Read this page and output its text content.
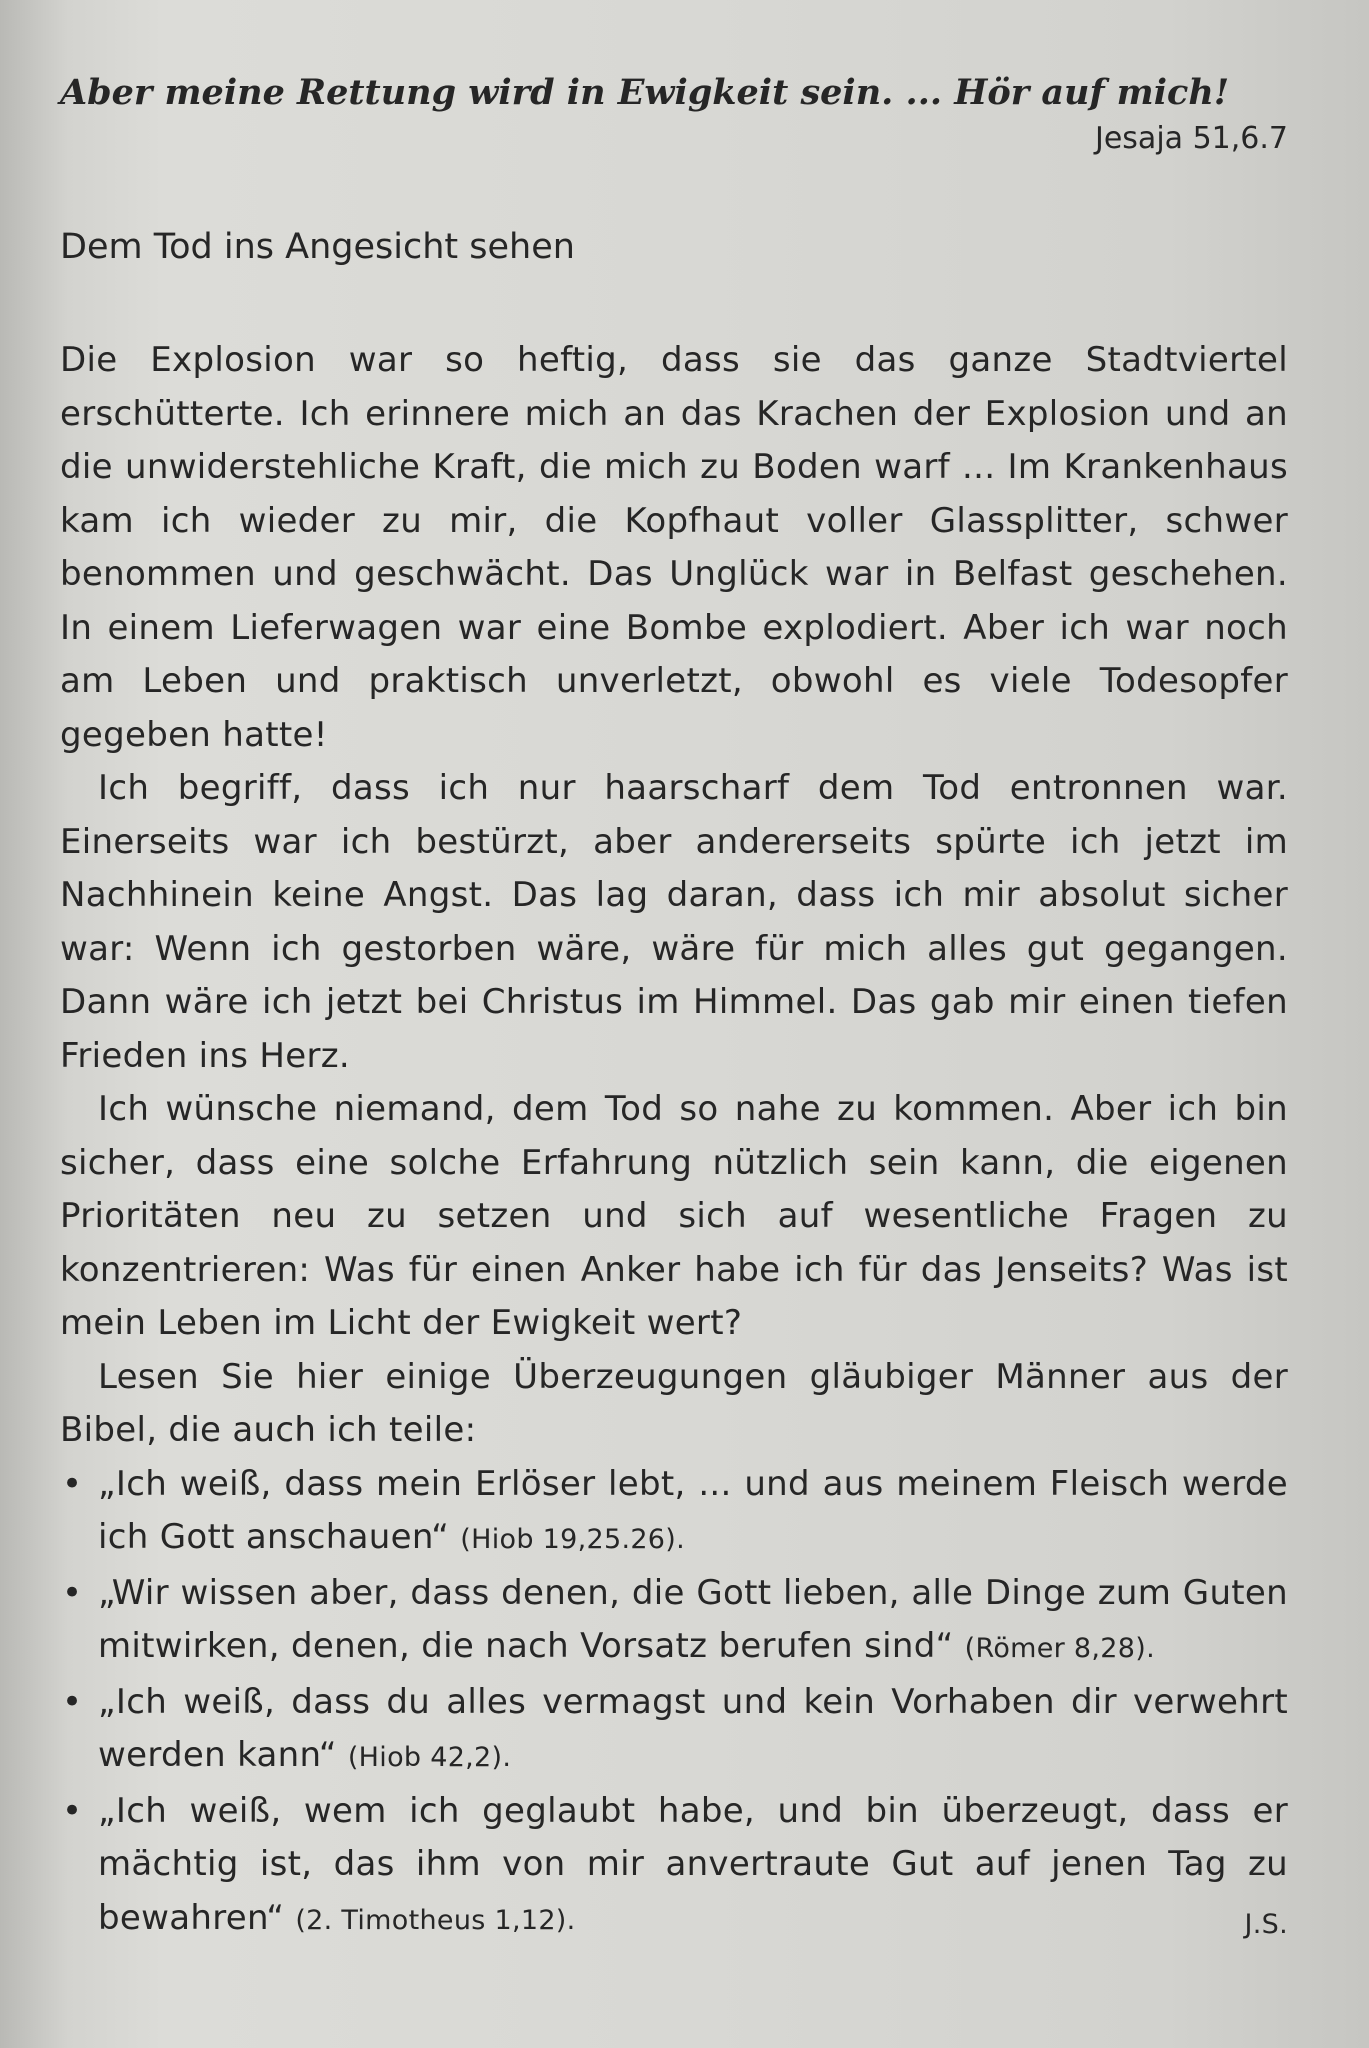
Aber meine Rettung wird in Ewigkeit sein. ... Hör auf mich!

Jesaja 51,6.7

Dem Tod ins Angesicht sehen

Die Explosion war so heftig, dass sie das ganze Stadtviertel erschütterte. Ich erinnere mich an das Krachen der Explosion und an die unwiderstehliche Kraft, die mich zu Boden warf ... Im Krankenhaus kam ich wieder zu mir, die Kopfhaut voller Glassplitter, schwer benommen und geschwächt. Das Unglück war in Belfast geschehen. In einem Lieferwagen war eine Bombe explodiert. Aber ich war noch am Leben und praktisch unverletzt, obwohl es viele Todesopfer gegeben hatte!

Ich begriff, dass ich nur haarscharf dem Tod entronnen war. Einerseits war ich bestürzt, aber andererseits spürte ich jetzt im Nachhinein keine Angst. Das lag daran, dass ich mir absolut sicher war: Wenn ich gestorben wäre, wäre für mich alles gut gegangen. Dann wäre ich jetzt bei Christus im Himmel. Das gab mir einen tiefen Frieden ins Herz.

Ich wünsche niemand, dem Tod so nahe zu kommen. Aber ich bin sicher, dass eine solche Erfahrung nützlich sein kann, die eigenen Prioritäten neu zu setzen und sich auf wesentliche Fragen zu konzentrieren: Was für einen Anker habe ich für das Jenseits? Was ist mein Leben im Licht der Ewigkeit wert?

Lesen Sie hier einige Überzeugungen gläubiger Männer aus der Bibel, die auch ich teile:

• „Ich weiß, dass mein Erlöser lebt, ... und aus meinem Fleisch werde ich Gott anschauen“ (Hiob 19,25.26).
• „Wir wissen aber, dass denen, die Gott lieben, alle Dinge zum Guten mitwirken, denen, die nach Vorsatz berufen sind“ (Römer 8,28).
• „Ich weiß, dass du alles vermagst und kein Vorhaben dir verwehrt werden kann“ (Hiob 42,2).
• „Ich weiß, wem ich geglaubt habe, und bin überzeugt, dass er mächtig ist, das ihm von mir anvertraute Gut auf jenen Tag zu bewahren“ (2. Timotheus 1,12).	J.S.
